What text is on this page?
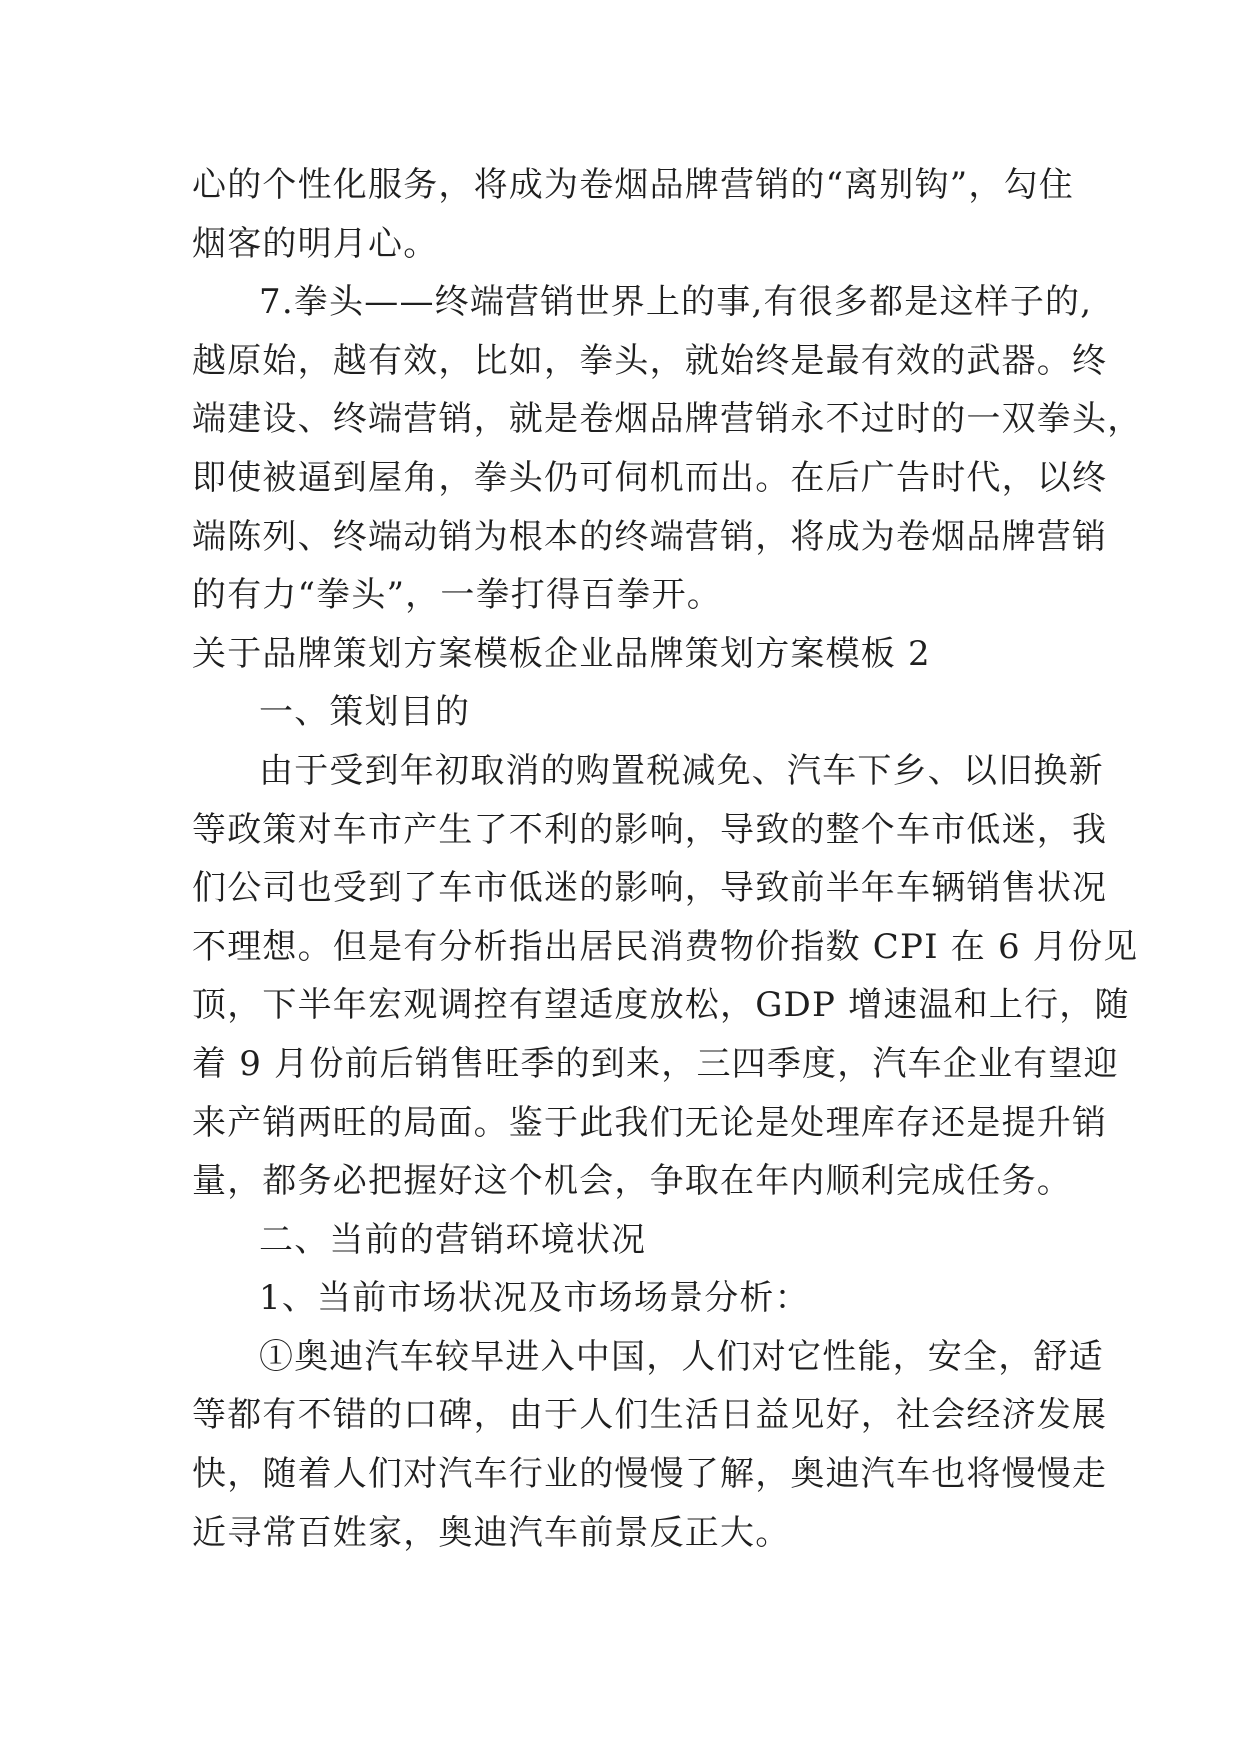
心的个性化服务，将成为卷烟品牌营销的“离别钩”，勾住
烟客的明月心。
7.拳头——终端营销世界上的事,有很多都是这样子的,
越原始，越有效，比如，拳头，就始终是最有效的武器。终
端建设、终端营销，就是卷烟品牌营销永不过时的一双拳头，
即使被逼到屋角，拳头仍可伺机而出。在后广告时代，以终
端陈列、终端动销为根本的终端营销，将成为卷烟品牌营销
的有力“拳头”，一拳打得百拳开。
关于品牌策划方案模板企业品牌策划方案模板 2
一、策划目的
由于受到年初取消的购置税减免、汽车下乡、以旧换新
等政策对车市产生了不利的影响，导致的整个车市低迷，我
们公司也受到了车市低迷的影响，导致前半年车辆销售状况
不理想。但是有分析指出居民消费物价指数 CPI 在 6 月份见
顶，下半年宏观调控有望适度放松，GDP 增速温和上行，随
着 9 月份前后销售旺季的到来，三四季度，汽车企业有望迎
来产销两旺的局面。鉴于此我们无论是处理库存还是提升销
量，都务必把握好这个机会，争取在年内顺利完成任务。
二、当前的营销环境状况
1、当前市场状况及市场场景分析：
①奥迪汽车较早进入中国，人们对它性能，安全，舒适
等都有不错的口碑，由于人们生活日益见好，社会经济发展
快，随着人们对汽车行业的慢慢了解，奥迪汽车也将慢慢走
近寻常百姓家，奥迪汽车前景反正大。
